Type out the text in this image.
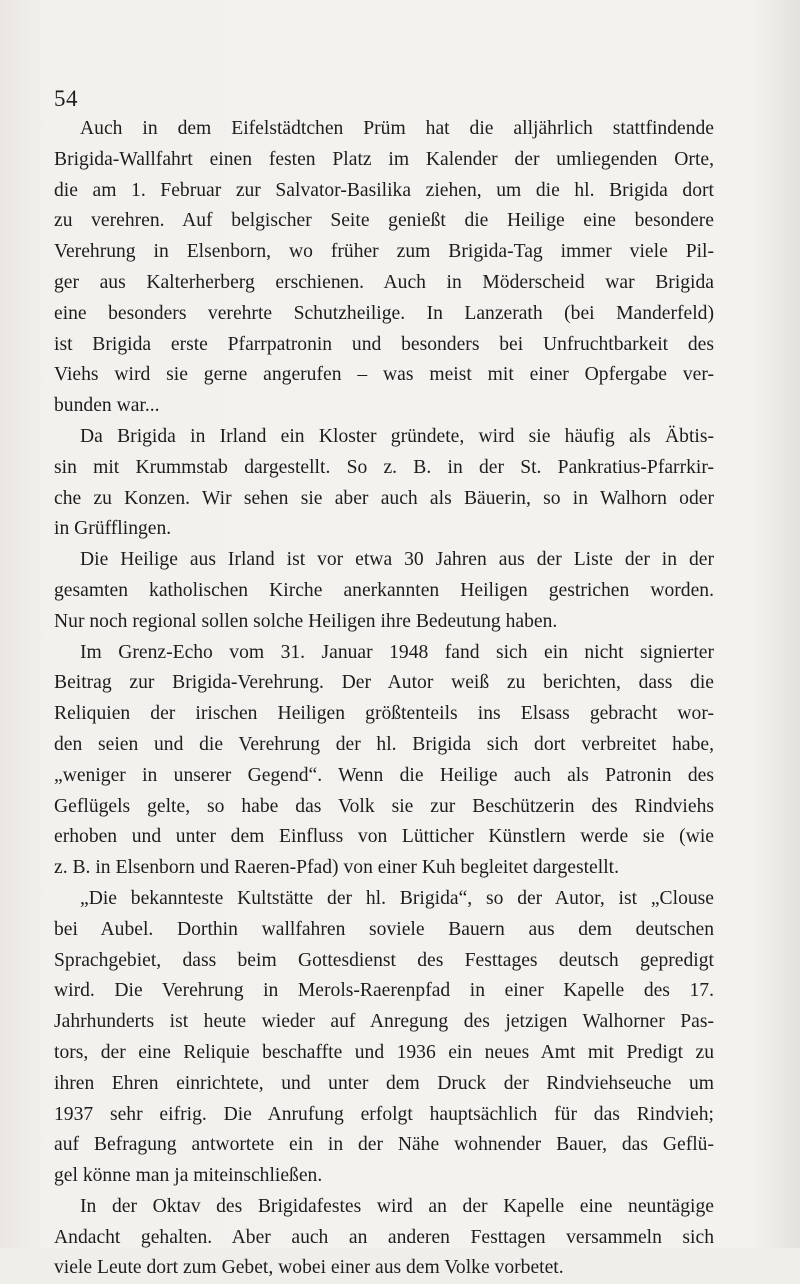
54
Auch in dem Eifelstädtchen Prüm hat die alljährlich stattfindende
Brigida-Wallfahrt einen festen Platz im Kalender der umliegenden Orte,
die am 1. Februar zur Salvator-Basilika ziehen, um die hl. Brigida dort
zu verehren. Auf belgischer Seite genießt die Heilige eine besondere
Verehrung in Elsenborn, wo früher zum Brigida-Tag immer viele Pil-
ger aus Kalterherberg erschienen. Auch in Möderscheid war Brigida
eine besonders verehrte Schutzheilige. In Lanzerath (bei Manderfeld)
ist Brigida erste Pfarrpatronin und besonders bei Unfruchtbarkeit des
Viehs wird sie gerne angerufen – was meist mit einer Opfergabe ver-
bunden war...
Da Brigida in Irland ein Kloster gründete, wird sie häufig als Äbtis-
sin mit Krummstab dargestellt. So z. B. in der St. Pankratius-Pfarrkir-
che zu Konzen. Wir sehen sie aber auch als Bäuerin, so in Walhorn oder
in Grüfflingen.
Die Heilige aus Irland ist vor etwa 30 Jahren aus der Liste der in der
gesamten katholischen Kirche anerkannten Heiligen gestrichen worden.
Nur noch regional sollen solche Heiligen ihre Bedeutung haben.
Im Grenz-Echo vom 31. Januar 1948 fand sich ein nicht signierter
Beitrag zur Brigida-Verehrung. Der Autor weiß zu berichten, dass die
Reliquien der irischen Heiligen größtenteils ins Elsass gebracht wor-
den seien und die Verehrung der hl. Brigida sich dort verbreitet habe,
„weniger in unserer Gegend“. Wenn die Heilige auch als Patronin des
Geflügels gelte, so habe das Volk sie zur Beschützerin des Rindviehs
erhoben und unter dem Einfluss von Lütticher Künstlern werde sie (wie
z. B. in Elsenborn und Raeren-Pfad) von einer Kuh begleitet dargestellt.
„Die bekannteste Kultstätte der hl. Brigida“, so der Autor, ist „Clouse
bei Aubel. Dorthin wallfahren soviele Bauern aus dem deutschen
Sprachgebiet, dass beim Gottesdienst des Festtages deutsch gepredigt
wird. Die Verehrung in Merols-Raerenpfad in einer Kapelle des 17.
Jahrhunderts ist heute wieder auf Anregung des jetzigen Walhorner Pas-
tors, der eine Reliquie beschaffte und 1936 ein neues Amt mit Predigt zu
ihren Ehren einrichtete, und unter dem Druck der Rindviehseuche um
1937 sehr eifrig. Die Anrufung erfolgt hauptsächlich für das Rindvieh;
auf Befragung antwortete ein in der Nähe wohnender Bauer, das Geflü-
gel könne man ja miteinschließen.
In der Oktav des Brigidafestes wird an der Kapelle eine neuntägige
Andacht gehalten. Aber auch an anderen Festtagen versammeln sich
viele Leute dort zum Gebet, wobei einer aus dem Volke vorbetet.
